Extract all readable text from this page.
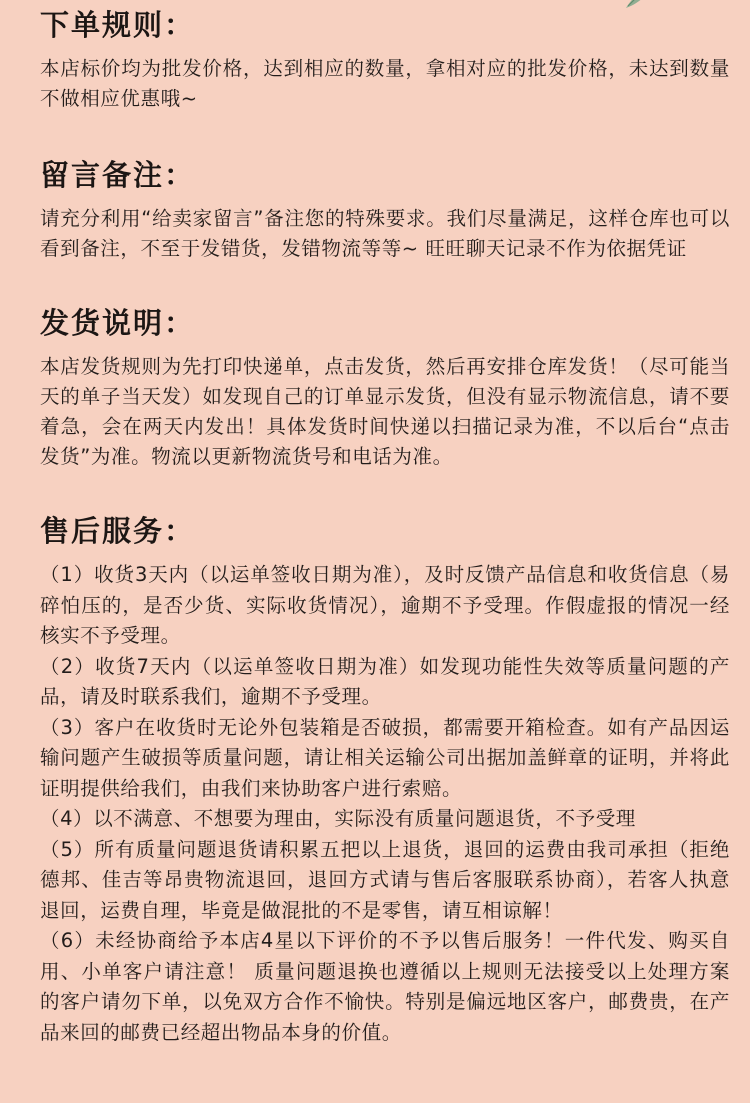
下单规则：

本店标价均为批发价格，达到相应的数量，拿相对应的批发价格，未达到数量不做相应优惠哦~

留言备注：

请充分利用“给卖家留言”备注您的特殊要求。我们尽量满足，这样仓库也可以看到备注，不至于发错货，发错物流等等~ 旺旺聊天记录不作为依据凭证

发货说明：

本店发货规则为先打印快递单，点击发货，然后再安排仓库发货！（尽可能当天的单子当天发）如发现自己的订单显示发货，但没有显示物流信息，请不要着急，会在两天内发出！具体发货时间快递以扫描记录为准，不以后台“点击发货”为准。物流以更新物流货号和电话为准。

售后服务：

（1）收货3天内（以运单签收日期为准），及时反馈产品信息和收货信息（易碎怕压的，是否少货、实际收货情况），逾期不予受理。作假虚报的情况一经核实不予受理。

（2）收货7天内（以运单签收日期为准）如发现功能性失效等质量问题的产品，请及时联系我们，逾期不予受理。

（3）客户在收货时无论外包装箱是否破损，都需要开箱检查。如有产品因运输问题产生破损等质量问题，请让相关运输公司出据加盖鲜章的证明，并将此证明提供给我们，由我们来协助客户进行索赔。

（4）以不满意、不想要为理由，实际没有质量问题退货，不予受理

（5）所有质量问题退货请积累五把以上退货，退回的运费由我司承担（拒绝德邦、佳吉等昂贵物流退回，退回方式请与售后客服联系协商），若客人执意退回，运费自理，毕竟是做混批的不是零售，请互相谅解！

（6）未经协商给予本店4星以下评价的不予以售后服务！一件代发、购买自用、小单客户请注意！ 质量问题退换也遵循以上规则无法接受以上处理方案的客户请勿下单，以免双方合作不愉快。特别是偏远地区客户，邮费贵，在产品来回的邮费已经超出物品本身的价值。
